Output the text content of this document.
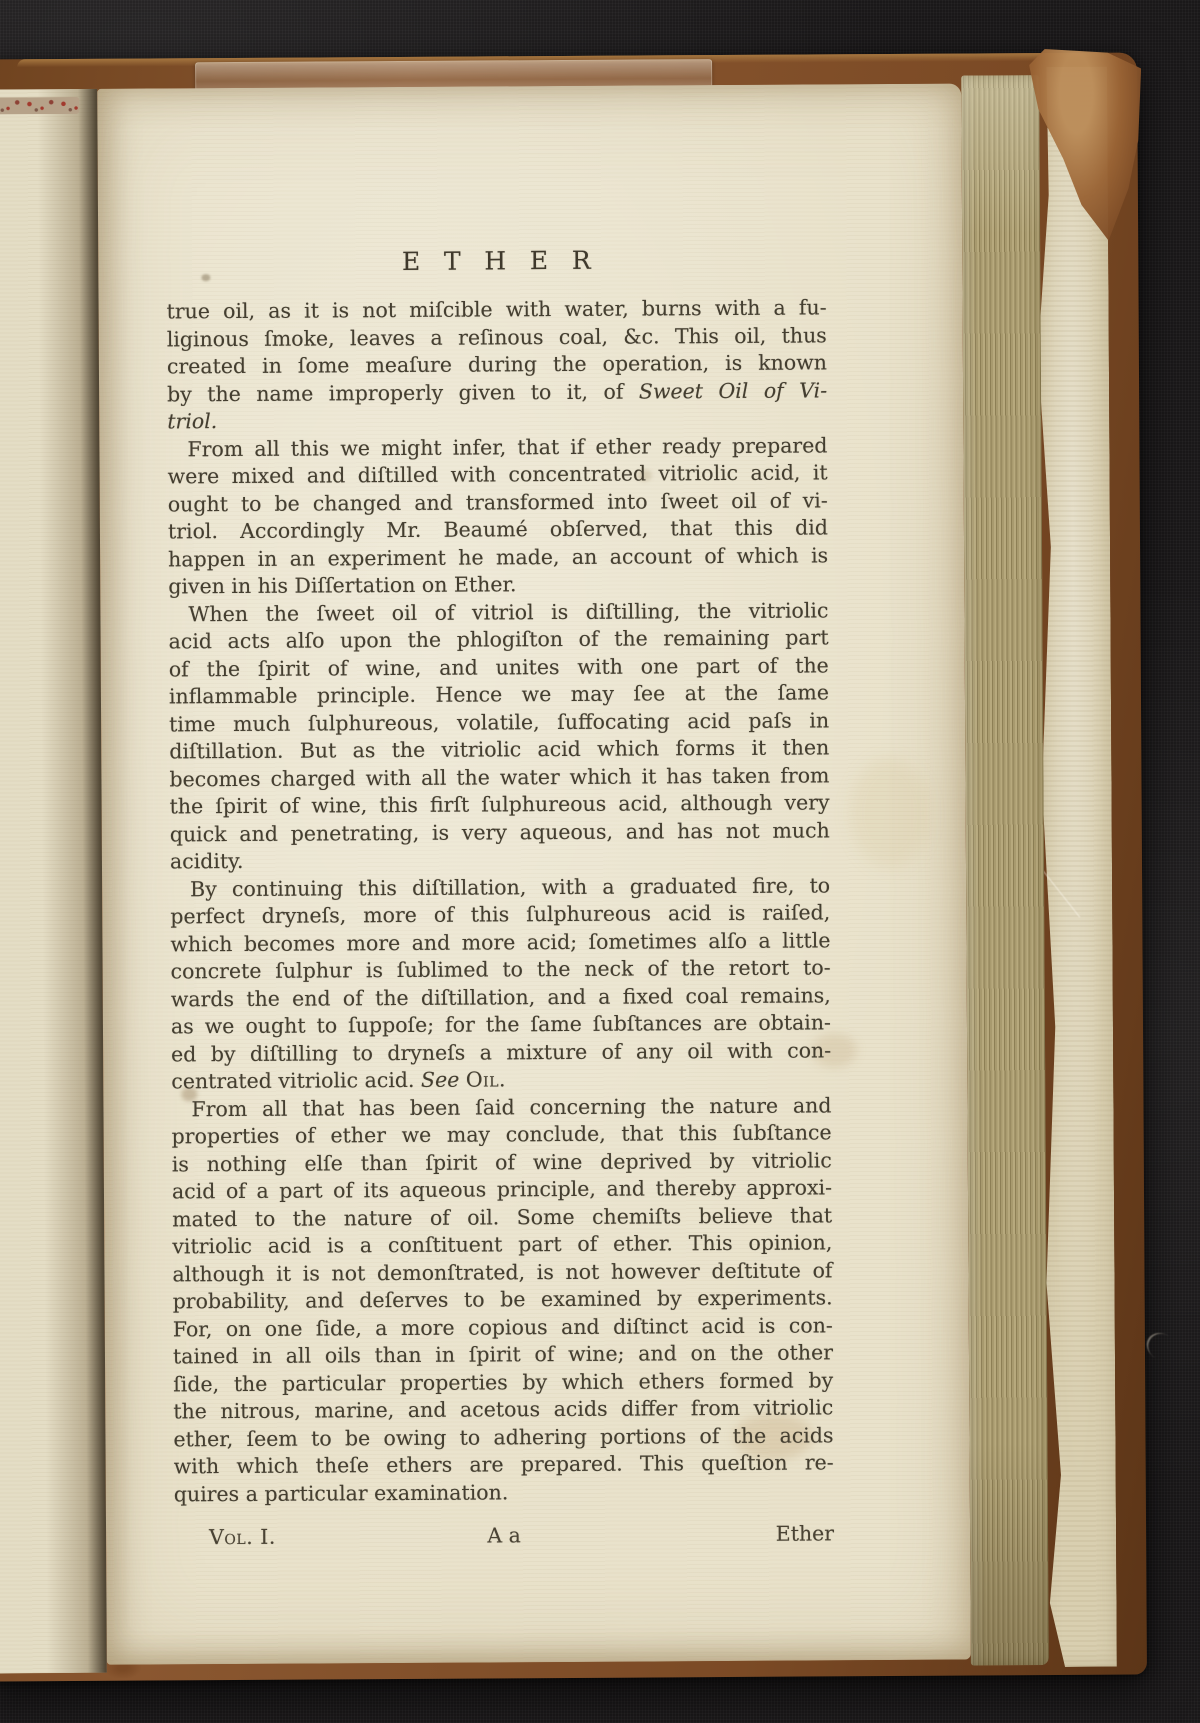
ETHER
true oil, as it is not miſcible with water, burns with a fu-
liginous ſmoke, leaves a reſinous coal, &c. This oil, thus
created in ſome meaſure during the operation, is known
by the name improperly given to it, of Sweet Oil of Vi-
triol.
From all this we might infer, that if ether ready prepared
were mixed and diſtilled with concentrated vitriolic acid, it
ought to be changed and transformed into ſweet oil of vi-
triol. Accordingly Mr. Beaumé obſerved, that this did
happen in an experiment he made, an account of which is
given in his Diſſertation on Ether.
When the ſweet oil of vitriol is diſtilling, the vitriolic
acid acts alſo upon the phlogiſton of the remaining part
of the ſpirit of wine, and unites with one part of the
inflammable principle. Hence we may ſee at the ſame
time much ſulphureous, volatile, ſuffocating acid paſs in
diſtillation. But as the vitriolic acid which forms it then
becomes charged with all the water which it has taken from
the ſpirit of wine, this firſt ſulphureous acid, although very
quick and penetrating, is very aqueous, and has not much
acidity.
By continuing this diſtillation, with a graduated fire, to
perfect dryneſs, more of this ſulphureous acid is raiſed,
which becomes more and more acid; ſometimes alſo a little
concrete ſulphur is ſublimed to the neck of the retort to-
wards the end of the diſtillation, and a fixed coal remains,
as we ought to ſuppoſe; for the ſame ſubſtances are obtain-
ed by diſtilling to dryneſs a mixture of any oil with con-
centrated vitriolic acid. See Oil.
From all that has been ſaid concerning the nature and
properties of ether we may conclude, that this ſubſtance
is nothing elſe than ſpirit of wine deprived by vitriolic
acid of a part of its aqueous principle, and thereby approxi-
mated to the nature of oil. Some chemiſts believe that
vitriolic acid is a conſtituent part of ether. This opinion,
although it is not demonſtrated, is not however deſtitute of
probability, and deſerves to be examined by experiments.
For, on one ſide, a more copious and diſtinct acid is con-
tained in all oils than in ſpirit of wine; and on the other
ſide, the particular properties by which ethers formed by
the nitrous, marine, and acetous acids differ from vitriolic
ether, ſeem to be owing to adhering portions of the acids
with which theſe ethers are prepared. This queſtion re-
quires a particular examination.
Vol. I.	A a	Ether
